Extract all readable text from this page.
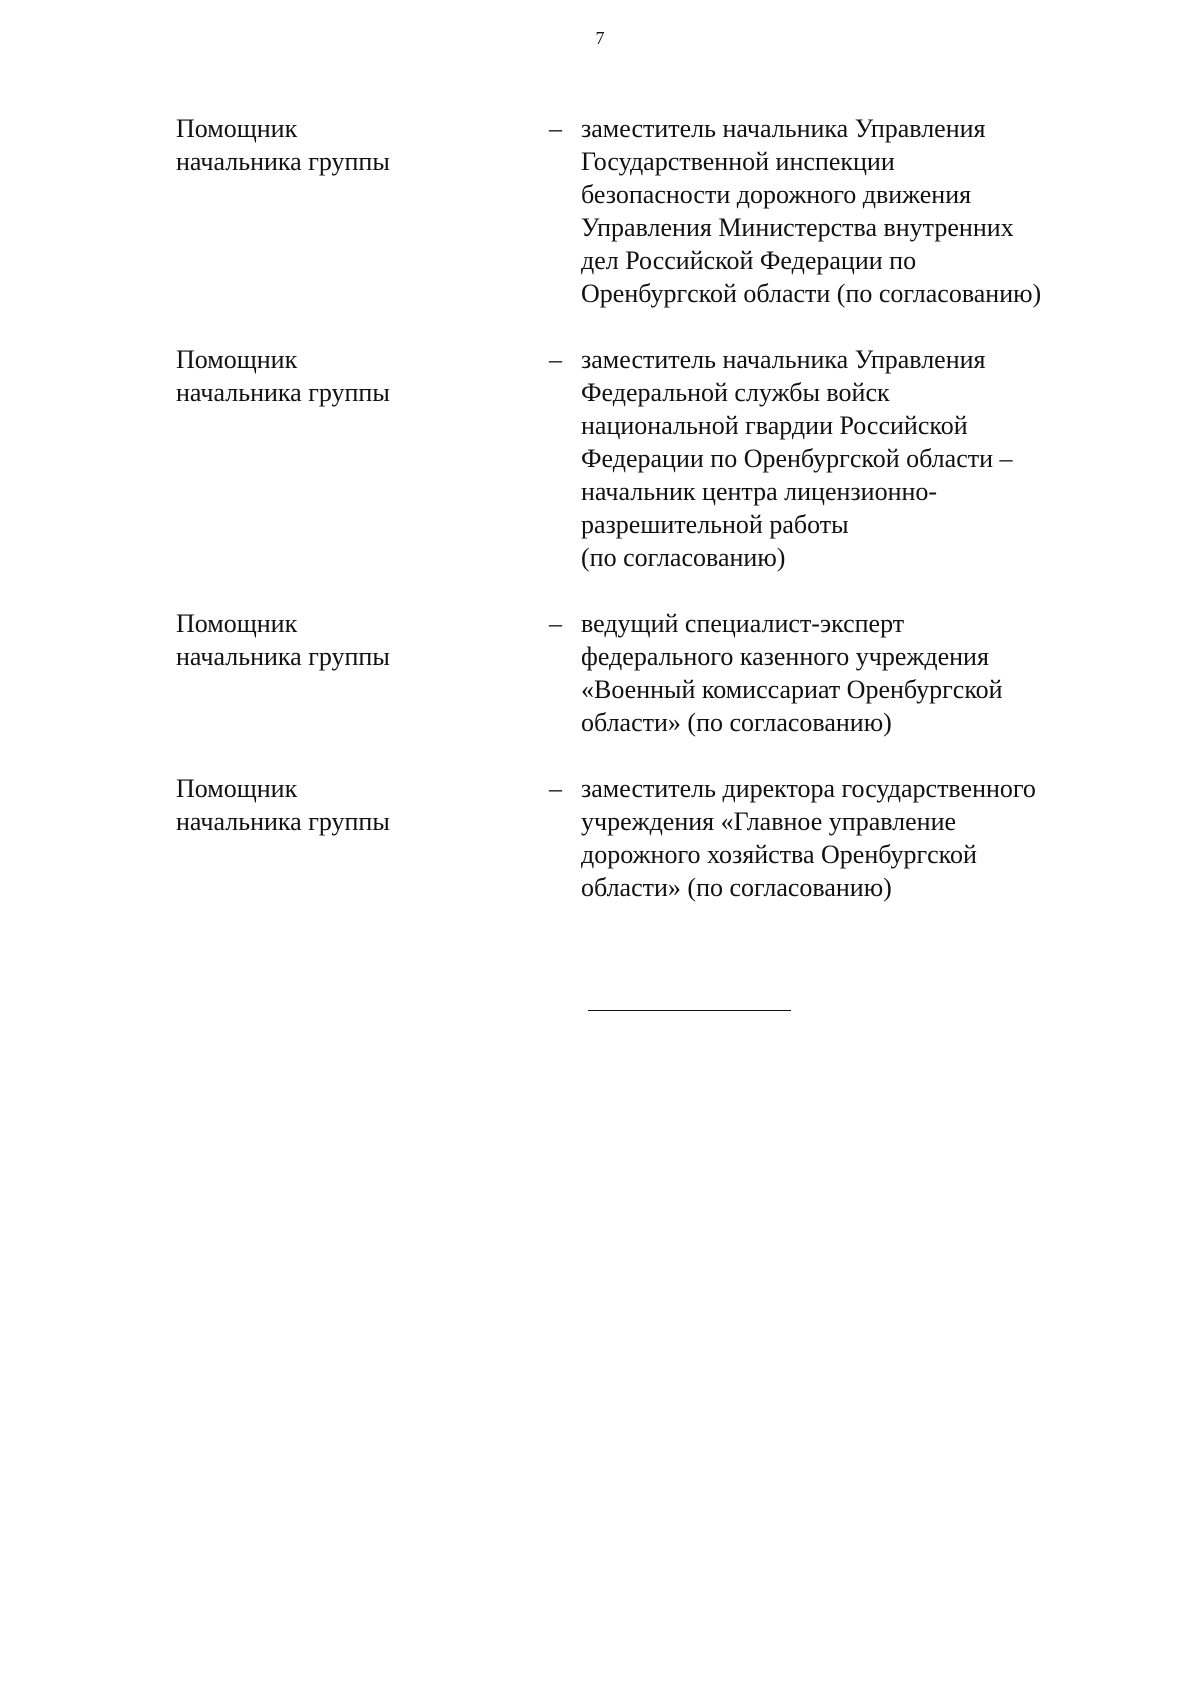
7
Помощник
начальника группы
– заместитель начальника Управления
Государственной инспекции
безопасности дорожного движения
Управления Министерства внутренних
дел Российской Федерации по
Оренбургской области (по согласованию)
Помощник
начальника группы
– заместитель начальника Управления
Федеральной службы войск
национальной гвардии Российской
Федерации по Оренбургской области –
начальник центра лицензионно-
разрешительной работы
(по согласованию)
Помощник
начальника группы
– ведущий специалист-эксперт
федерального казенного учреждения
«Военный комиссариат Оренбургской
области» (по согласованию)
Помощник
начальника группы
– заместитель директора государственного
учреждения «Главное управление
дорожного хозяйства Оренбургской
области» (по согласованию)
